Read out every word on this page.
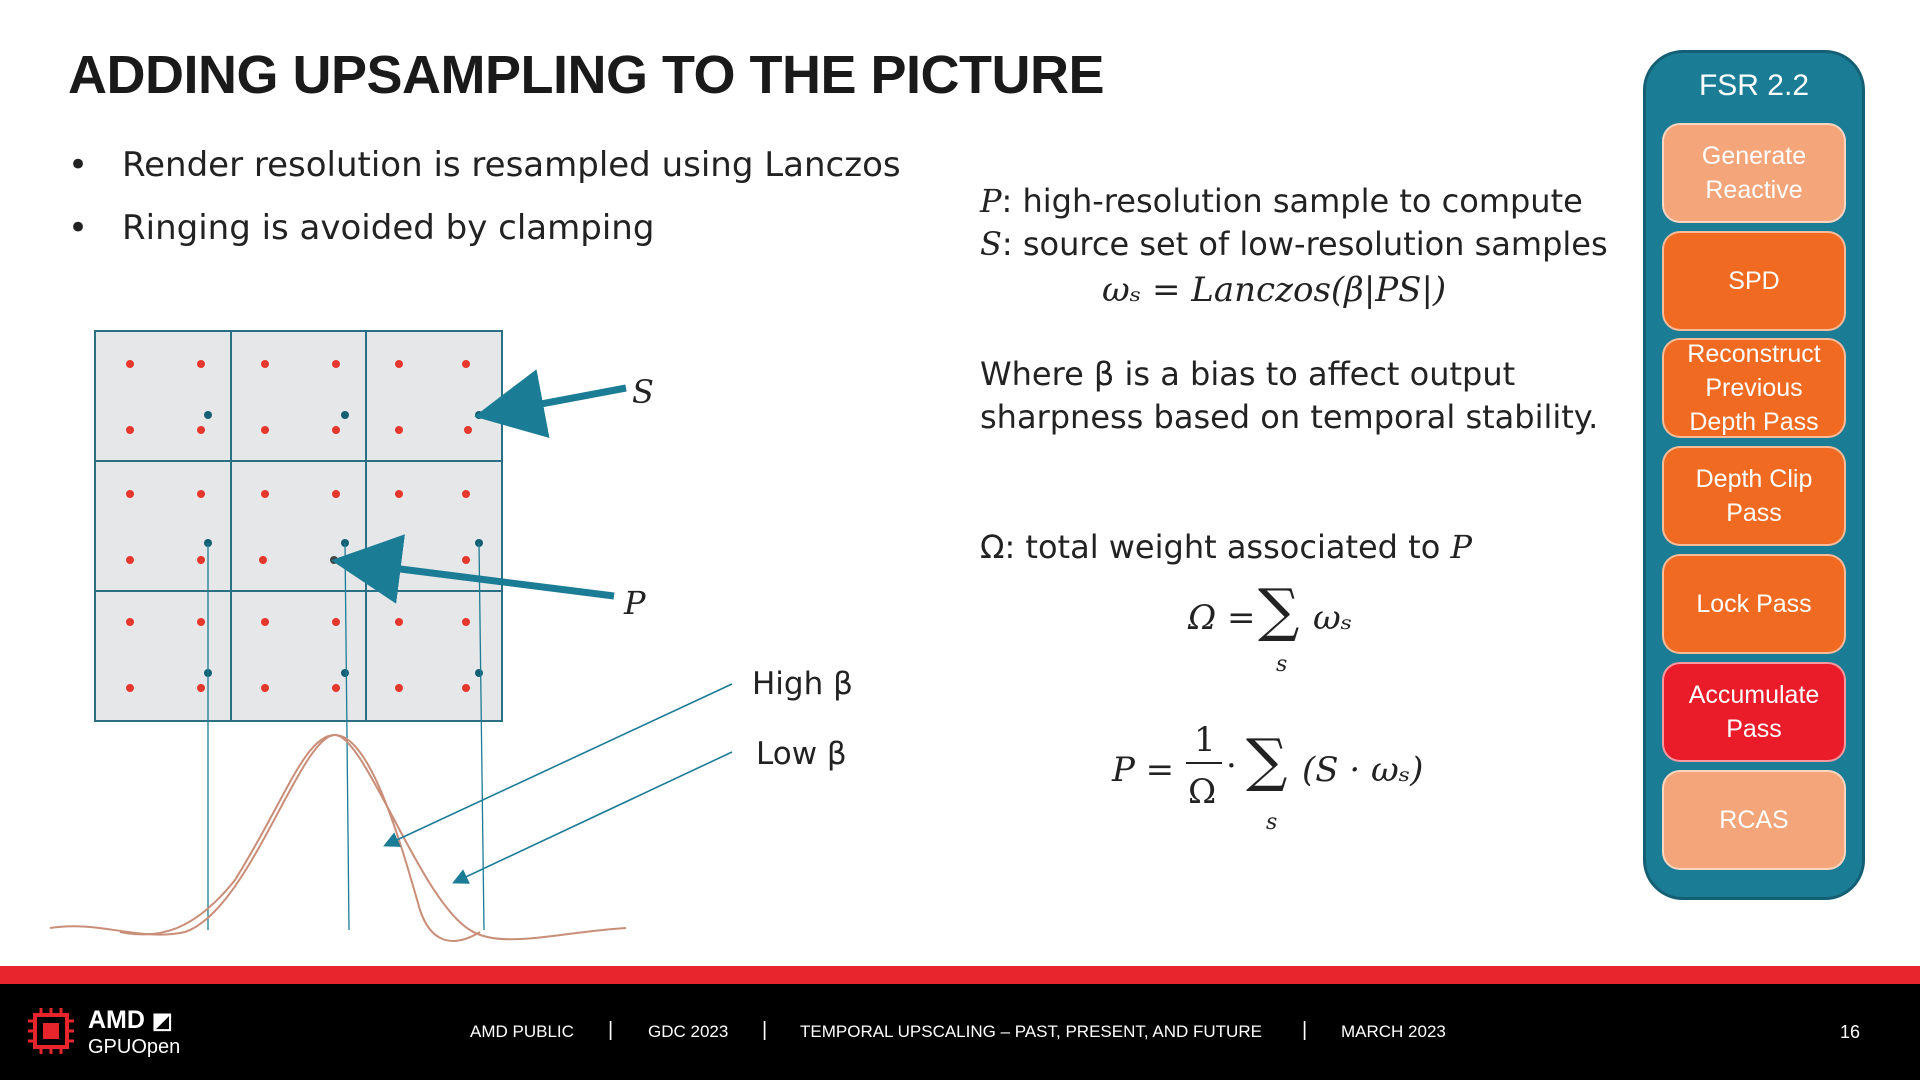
ADDING UPSAMPLING TO THE PICTURE
• Render resolution is resampled using Lanczos
• Ringing is avoided by clamping
P: high-resolution sample to compute
S: source set of low-resolution samples
ωₛ = Lanczos(β|PS|)
Where β is a bias to affect output
sharpness based on temporal stability.
Ω: total weight associated to P
Ω = ∑ ωₛ
s
P =
1
Ω
· ∑ (S · ωₛ)
s
S
P
High β
Low β
FSR 2.2
Generate
Reactive
SPD
Reconstruct
Previous
Depth Pass
Depth Clip
Pass
Lock Pass
Accumulate
Pass
RCAS
AMD ◩
GPUOpen
AMD PUBLIC | GDC 2023 | TEMPORAL UPSCALING – PAST, PRESENT, AND FUTURE | MARCH 2023	16
